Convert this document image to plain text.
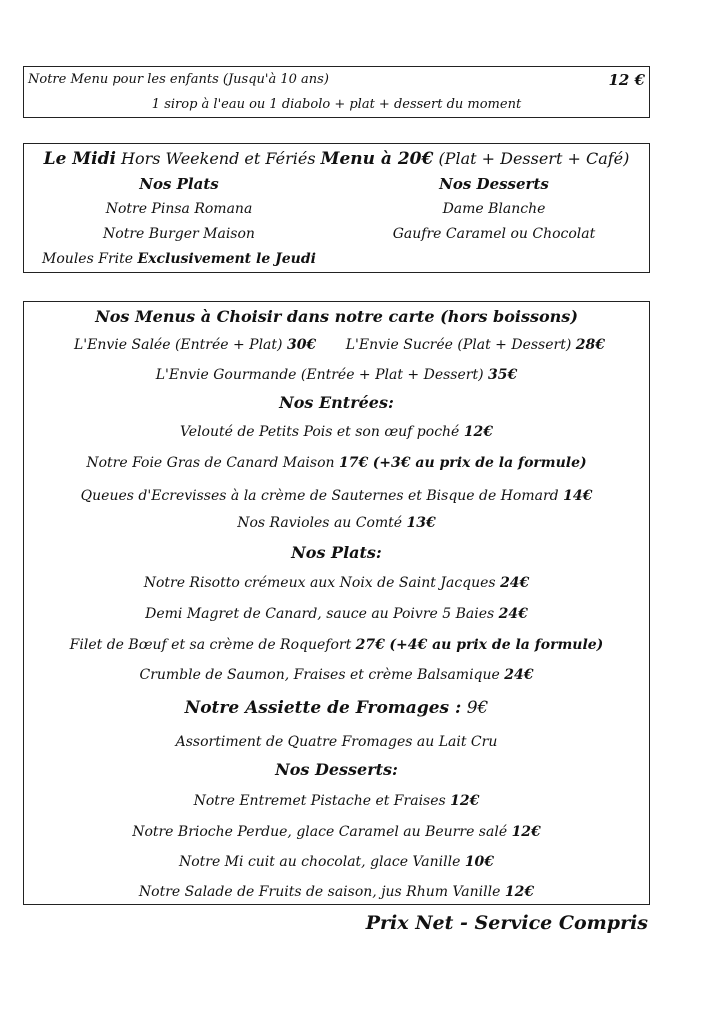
Notre Menu pour les enfants (Jusqu'à 10 ans)	12 €
1 sirop à l'eau ou 1 diabolo + plat + dessert du moment
Le Midi Hors Weekend et Fériés Menu à 20€ (Plat + Dessert + Café)
Nos Plats	Nos Desserts
Notre Pinsa Romana	Dame Blanche
Notre Burger Maison	Gaufre Caramel ou Chocolat
Moules Frite Exclusivement le Jeudi
Nos Menus à Choisir dans notre carte (hors boissons)
L'Envie Salée (Entrée + Plat) 30€ L'Envie Sucrée (Plat + Dessert) 28€
L'Envie Gourmande (Entrée + Plat + Dessert) 35€
Nos Entrées:
Velouté de Petits Pois et son œuf poché 12€
Notre Foie Gras de Canard Maison 17€ (+3€ au prix de la formule)
Queues d'Ecrevisses à la crème de Sauternes et Bisque de Homard 14€
Nos Ravioles au Comté 13€
Nos Plats:
Notre Risotto crémeux aux Noix de Saint Jacques 24€
Demi Magret de Canard, sauce au Poivre 5 Baies 24€
Filet de Bœuf et sa crème de Roquefort 27€ (+4€ au prix de la formule)
Crumble de Saumon, Fraises et crème Balsamique 24€
Notre Assiette de Fromages : 9€
Assortiment de Quatre Fromages au Lait Cru
Nos Desserts:
Notre Entremet Pistache et Fraises 12€
Notre Brioche Perdue, glace Caramel au Beurre salé 12€
Notre Mi cuit au chocolat, glace Vanille 10€
Notre Salade de Fruits de saison, jus Rhum Vanille 12€
Prix Net - Service Compris
